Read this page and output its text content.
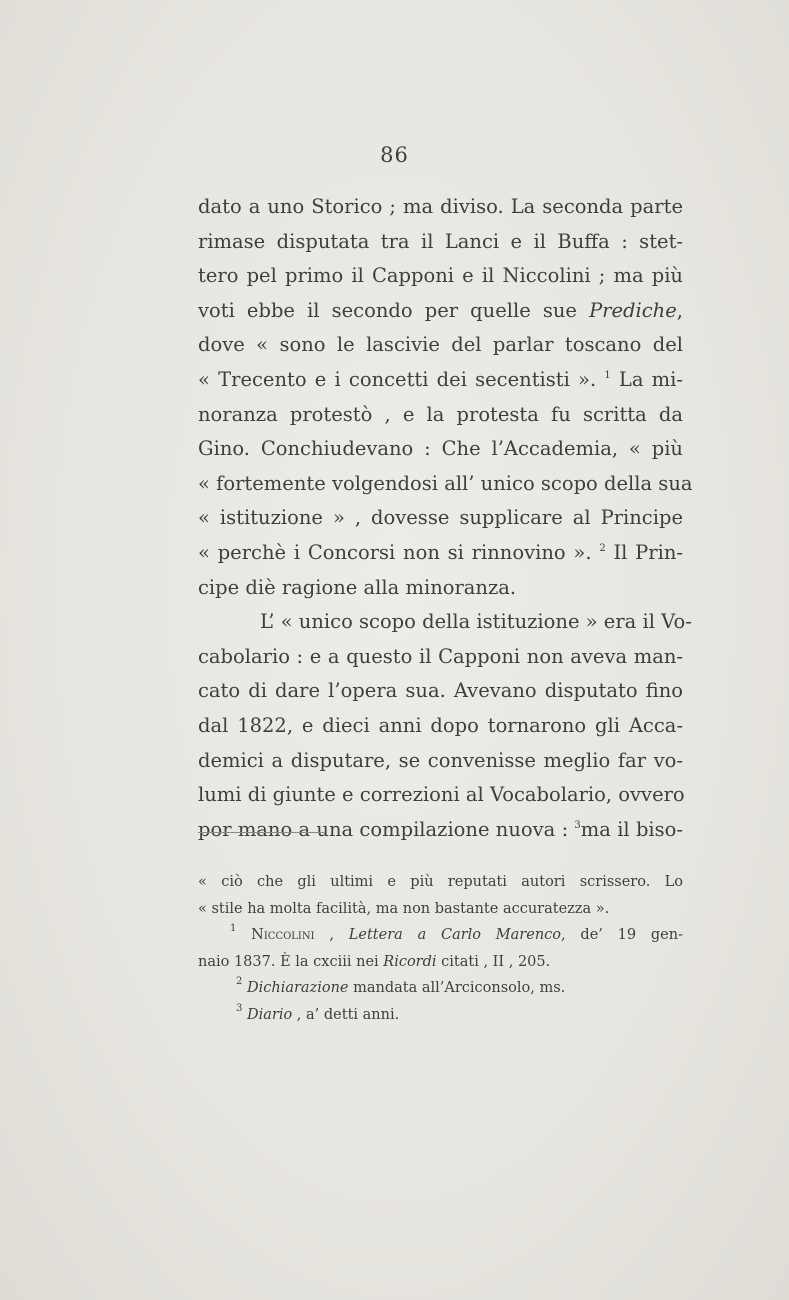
86
dato a uno Storico ; ma diviso. La seconda parte
rimase disputata tra il Lanci e il Buffa : stet-
tero pel primo il Capponi e il Niccolini ; ma più
voti ebbe il secondo per quelle sue Prediche,
dove « sono le lascivie del parlar toscano del
« Trecento e i concetti dei secentisti ». $^1$ La mi-
noranza protestò , e la protesta fu scritta da
Gino. Conchiudevano : Che l’Accademia, « più
« fortemente volgendosi all’ unico scopo della sua
« istituzione » , dovesse supplicare al Principe
« perchè i Concorsi non si rinnovino ». $^2$ Il Prin-
cipe diè ragione alla minoranza.
L’ « unico scopo della istituzione » era il Vo-
cabolario : e a questo il Capponi non aveva man-
cato di dare l’opera sua. Avevano disputato fino
dal 1822, e dieci anni dopo tornarono gli Acca-
demici a disputare, se convenisse meglio far vo-
lumi di giunte e correzioni al Vocabolario, ovvero
por mano a una compilazione nuova : $^3$ma il biso-
« ciò che gli ultimi e più reputati autori scrissero. Lo
« stile ha molta facilità, ma non bastante accuratezza ».
$^1$ Niccolini , Lettera a Carlo Marenco, de’ 19 gen-
naio 1837. È la cxciii nei Ricordi citati , II , 205.
$^2$ Dichiarazione mandata all’Arciconsolo, ms.
$^3$ Diario , a’ detti anni.
